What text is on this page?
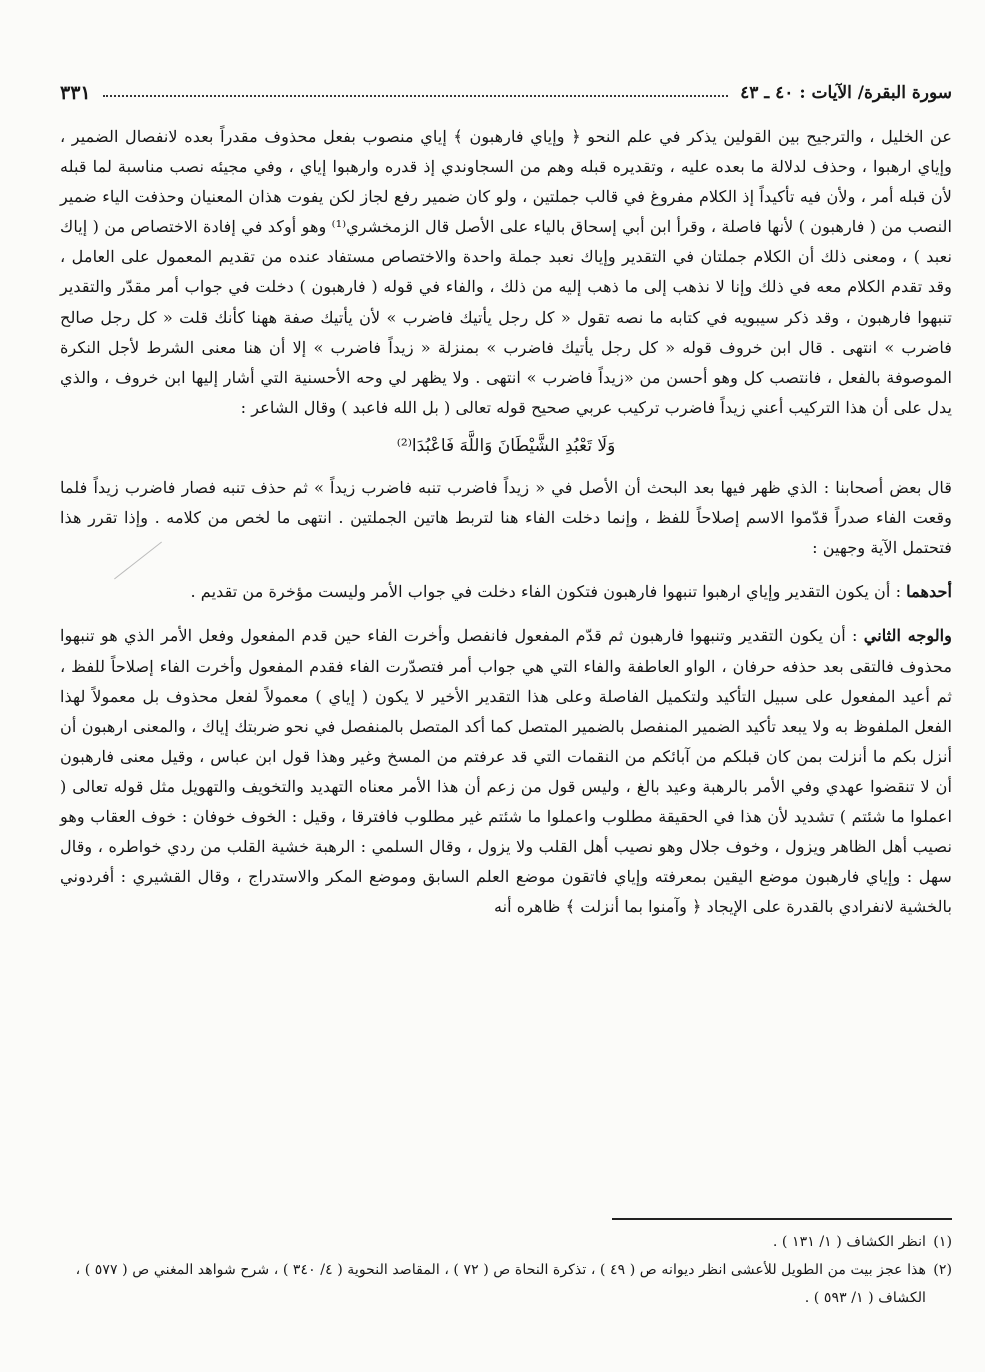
سورة البقرة/ الآيات : ٤٠ ـ ٤٣
٣٣١

عن الخليل ، والترجيح بين القولين يذكر في علم النحو ﴿ وإياي فارهبون ﴾ إياي منصوب بفعل محذوف مقدراً بعده لانفصال الضمير ، وإياي ارهبوا ، وحذف لدلالة ما بعده عليه ، وتقديره قبله وهم من السجاوندي إذ قدره وارهبوا إياي ، وفي مجيئه نصب مناسبة لما قبله لأن قبله أمر ، ولأن فيه تأكيداً إذ الكلام مفروغ في قالب جملتين ، ولو كان ضمير رفع لجاز لكن يفوت هذان المعنيان وحذفت الياء ضمير النصب من ( فارهبون ) لأنها فاصلة ، وقرأ ابن أبي إسحاق بالياء على الأصل قال الزمخشري⁽¹⁾ وهو أوكد في إفادة الاختصاص من ( إياك نعبد ) ، ومعنى ذلك أن الكلام جملتان في التقدير وإياك نعبد جملة واحدة والاختصاص مستفاد عنده من تقديم المعمول على العامل ، وقد تقدم الكلام معه في ذلك وإنا لا نذهب إلى ما ذهب إليه من ذلك ، والفاء في قوله ( فارهبون ) دخلت في جواب أمر مقدّر والتقدير تنبهوا فارهبون ، وقد ذكر سيبويه في كتابه ما نصه تقول « كل رجل يأتيك فاضرب » لأن يأتيك صفة ههنا كأنك قلت « كل رجل صالح فاضرب » انتهى . قال ابن خروف قوله « كل رجل يأتيك فاضرب » بمنزلة « زيداً فاضرب » إلا أن هنا معنى الشرط لأجل النكرة الموصوفة بالفعل ، فانتصب كل وهو أحسن من «زيداً فاضرب » انتهى . ولا يظهر لي وحه الأحسنية التي أشار إليها ابن خروف ، والذي يدل على أن هذا التركيب أعني زيداً فاضرب تركيب عربي صحيح قوله تعالى ( بل الله فاعبد ) وقال الشاعر :

وَلَا تَعْبُدِ الشَّيْطَانَ وَاللَّهَ فَاعْبُدَا⁽²⁾

قال بعض أصحابنا : الذي ظهر فيها بعد البحث أن الأصل في « زيداً فاضرب تنبه فاضرب زيداً » ثم حذف تنبه فصار فاضرب زيداً فلما وقعت الفاء صدراً قدّموا الاسم إصلاحاً للفظ ، وإنما دخلت الفاء هنا لتربط هاتين الجملتين . انتهى ما لخص من كلامه . وإذا تقرر هذا فتحتمل الآية وجهين :

أحدهما : أن يكون التقدير وإياي ارهبوا تنبهوا فارهبون فتكون الفاء دخلت في جواب الأمر وليست مؤخرة من تقديم .

والوجه الثاني : أن يكون التقدير وتنبهوا فارهبون ثم قدّم المفعول فانفصل وأخرت الفاء حين قدم المفعول وفعل الأمر الذي هو تنبهوا محذوف فالتقى بعد حذفه حرفان ، الواو العاطفة والفاء التي هي جواب أمر فتصدّرت الفاء فقدم المفعول وأخرت الفاء إصلاحاً للفظ ، ثم أعيد المفعول على سبيل التأكيد ولتكميل الفاصلة وعلى هذا التقدير الأخير لا يكون ( إياي ) معمولاً لفعل محذوف بل معمولاً لهذا الفعل الملفوظ به ولا يبعد تأكيد الضمير المنفصل بالضمير المتصل كما أكد المتصل بالمنفصل في نحو ضربتك إياك ، والمعنى ارهبون أن أنزل بكم ما أنزلت بمن كان قبلكم من آبائكم من النقمات التي قد عرفتم من المسخ وغير وهذا قول ابن عباس ، وقيل معنى فارهبون أن لا تنقضوا عهدي وفي الأمر بالرهبة وعيد بالغ ، وليس قول من زعم أن هذا الأمر معناه التهديد والتخويف والتهويل مثل قوله تعالى ( اعملوا ما شئتم ) تشديد لأن هذا في الحقيقة مطلوب واعملوا ما شئتم غير مطلوب فافترقا ، وقيل : الخوف خوفان : خوف العقاب وهو نصيب أهل الظاهر ويزول ، وخوف جلال وهو نصيب أهل القلب ولا يزول ، وقال السلمي : الرهبة خشية القلب من ردي خواطره ، وقال سهل : وإياي فارهبون موضع اليقين بمعرفته وإياي فاتقون موضع العلم السابق وموضع المكر والاستدراج ، وقال القشيري : أفردوني بالخشية لانفرادي بالقدرة على الإيجاد ﴿ وآمنوا بما أنزلت ﴾ ظاهره أنه

(١)
انظر الكشاف ( ١/ ١٣١ ) .
(٢)
هذا عجز بيت من الطويل للأعشى انظر ديوانه ص ( ٤٩ ) ، تذكرة النحاة ص ( ٧٢ ) ، المقاصد النحوية ( ٤/ ٣٤٠ ) ، شرح شواهد المغني ص ( ٥٧٧ ) ، الكشاف ( ١/ ٥٩٣ ) .
